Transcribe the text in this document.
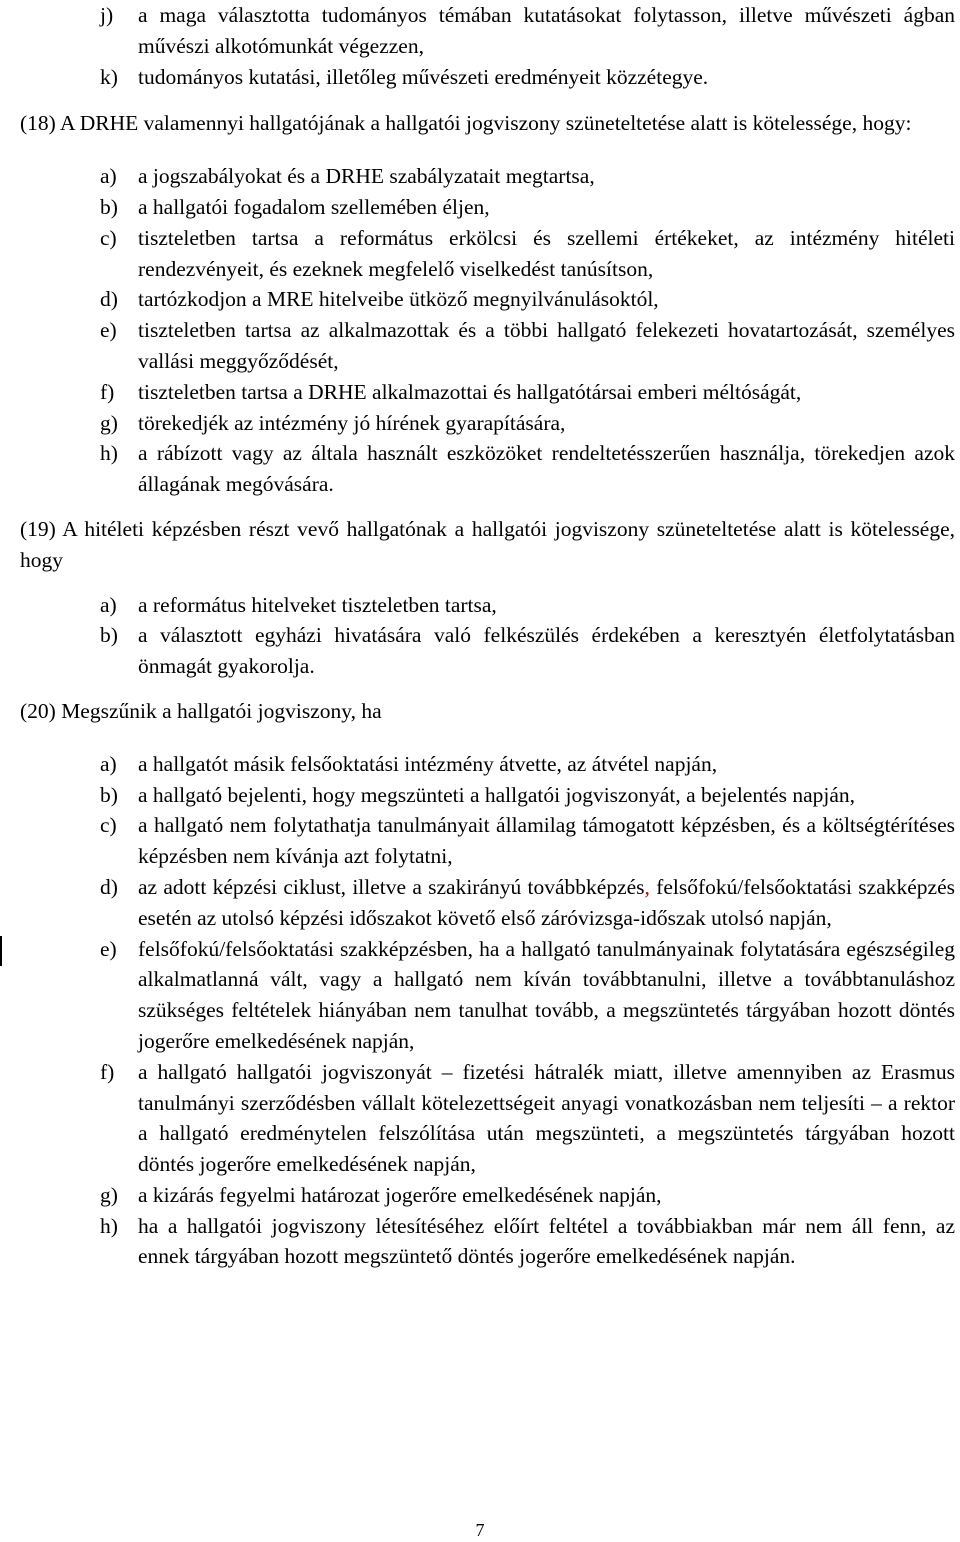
j) a maga választotta tudományos témában kutatásokat folytasson, illetve művészeti ágban művészi alkotómunkát végezzen,
k) tudományos kutatási, illetőleg művészeti eredményeit közzétegye.

(18) A DRHE valamennyi hallgatójának a hallgatói jogviszony szüneteltetése alatt is kötelessége, hogy:

a) a jogszabályokat és a DRHE szabályzatait megtartsa,
b) a hallgatói fogadalom szellemében éljen,
c) tiszteletben tartsa a református erkölcsi és szellemi értékeket, az intézmény hitéleti rendezvényeit, és ezeknek megfelelő viselkedést tanúsítson,
d) tartózkodjon a MRE hitelveibe ütköző megnyilvánulásoktól,
e) tiszteletben tartsa az alkalmazottak és a többi hallgató felekezeti hovatartozását, személyes vallási meggyőződését,
f) tiszteletben tartsa a DRHE alkalmazottai és hallgatótársai emberi méltóságát,
g) törekedjék az intézmény jó hírének gyarapítására,
h) a rábízott vagy az általa használt eszközöket rendeltetésszerűen használja, törekedjen azok állagának megóvására.

(19) A hitéleti képzésben részt vevő hallgatónak a hallgatói jogviszony szüneteltetése alatt is kötelessége, hogy

a) a református hitelveket tiszteletben tartsa,
b) a választott egyházi hivatására való felkészülés érdekében a keresztyén életfolytatásban önmagát gyakorolja.

(20) Megszűnik a hallgatói jogviszony, ha

a) a hallgatót másik felsőoktatási intézmény átvette, az átvétel napján,
b) a hallgató bejelenti, hogy megszünteti a hallgatói jogviszonyát, a bejelentés napján,
c) a hallgató nem folytathatja tanulmányait államilag támogatott képzésben, és a költségtérítéses képzésben nem kívánja azt folytatni,
d) az adott képzési ciklust, illetve a szakirányú továbbképzés, felsőfokú/felsőoktatási szakképzés esetén az utolsó képzési időszakot követő első záróvizsga-időszak utolsó napján,
e) felsőfokú/felsőoktatási szakképzésben, ha a hallgató tanulmányainak folytatására egészségileg alkalmatlanná vált, vagy a hallgató nem kíván továbbtanulni, illetve a továbbtanuláshoz szükséges feltételek hiányában nem tanulhat tovább, a megszüntetés tárgyában hozott döntés jogerőre emelkedésének napján,
f) a hallgató hallgatói jogviszonyát – fizetési hátralék miatt, illetve amennyiben az Erasmus tanulmányi szerződésben vállalt kötelezettségeit anyagi vonatkozásban nem teljesíti – a rektor a hallgató eredménytelen felszólítása után megszünteti, a megszüntetés tárgyában hozott döntés jogerőre emelkedésének napján,
g) a kizárás fegyelmi határozat jogerőre emelkedésének napján,
h) ha a hallgatói jogviszony létesítéséhez előírt feltétel a továbbiakban már nem áll fenn, az ennek tárgyában hozott megszüntető döntés jogerőre emelkedésének napján.
7
